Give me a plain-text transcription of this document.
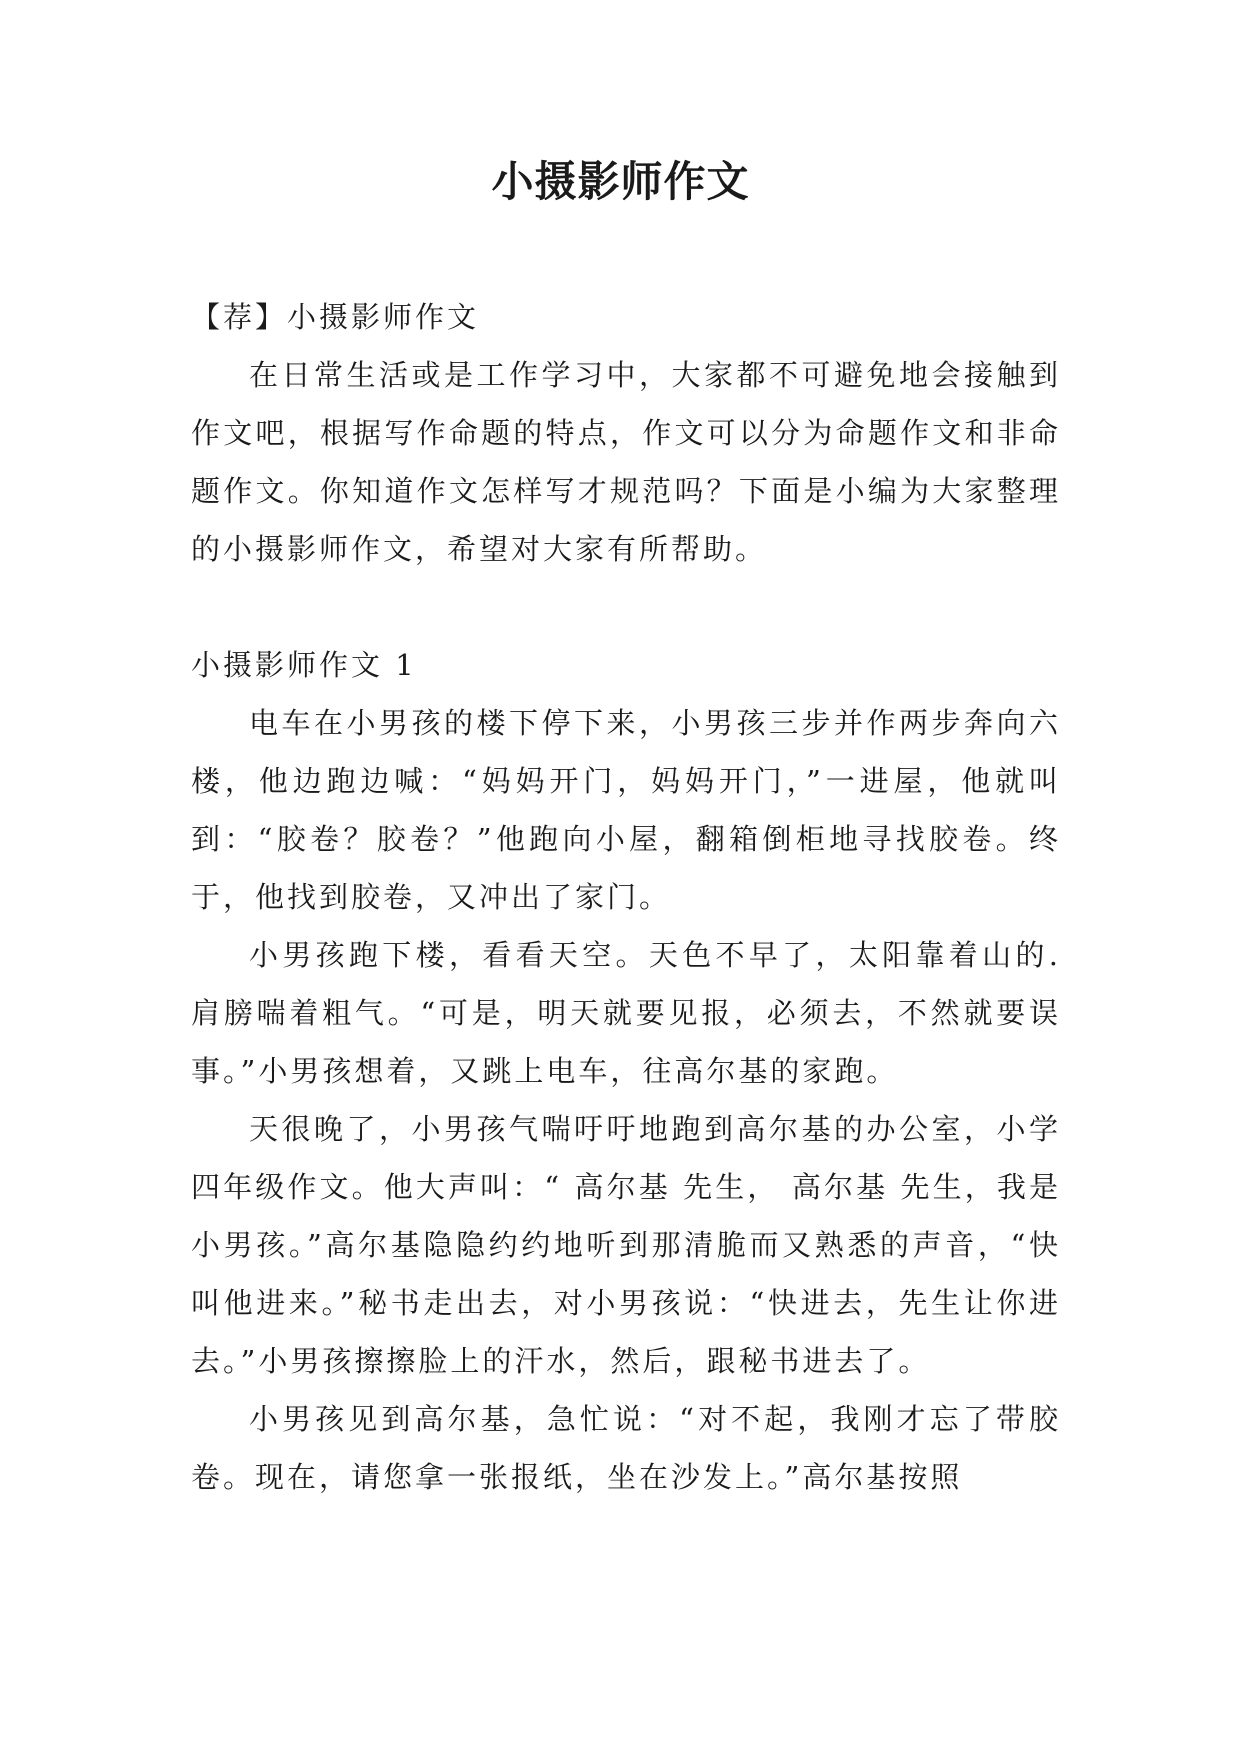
小摄影师作文

【荐】小摄影师作文

在日常生活或是工作学习中，大家都不可避免地会接触到作文吧，根据写作命题的特点，作文可以分为命题作文和非命题作文。你知道作文怎样写才规范吗？下面是小编为大家整理的小摄影师作文，希望对大家有所帮助。

小摄影师作文 1

电车在小男孩的楼下停下来，小男孩三步并作两步奔向六楼，他边跑边喊：“妈妈开门，妈妈开门，”一进屋，他就叫到：“胶卷？胶卷？”他跑向小屋，翻箱倒柜地寻找胶卷。终于，他找到胶卷，又冲出了家门。

小男孩跑下楼，看看天空。天色不早了，太阳靠着山的.肩膀喘着粗气。“可是，明天就要见报，必须去，不然就要误事。”小男孩想着，又跳上电车，往高尔基的家跑。

天很晚了，小男孩气喘吁吁地跑到高尔基的办公室，小学四年级作文。他大声叫：“ 高尔基 先生， 高尔基 先生，我是小男孩。”高尔基隐隐约约地听到那清脆而又熟悉的声音，“快叫他进来。”秘书走出去，对小男孩说：“快进去，先生让你进去。”小男孩擦擦脸上的汗水，然后，跟秘书进去了。

小男孩见到高尔基，急忙说：“对不起，我刚才忘了带胶卷。现在，请您拿一张报纸，坐在沙发上。”高尔基按照
